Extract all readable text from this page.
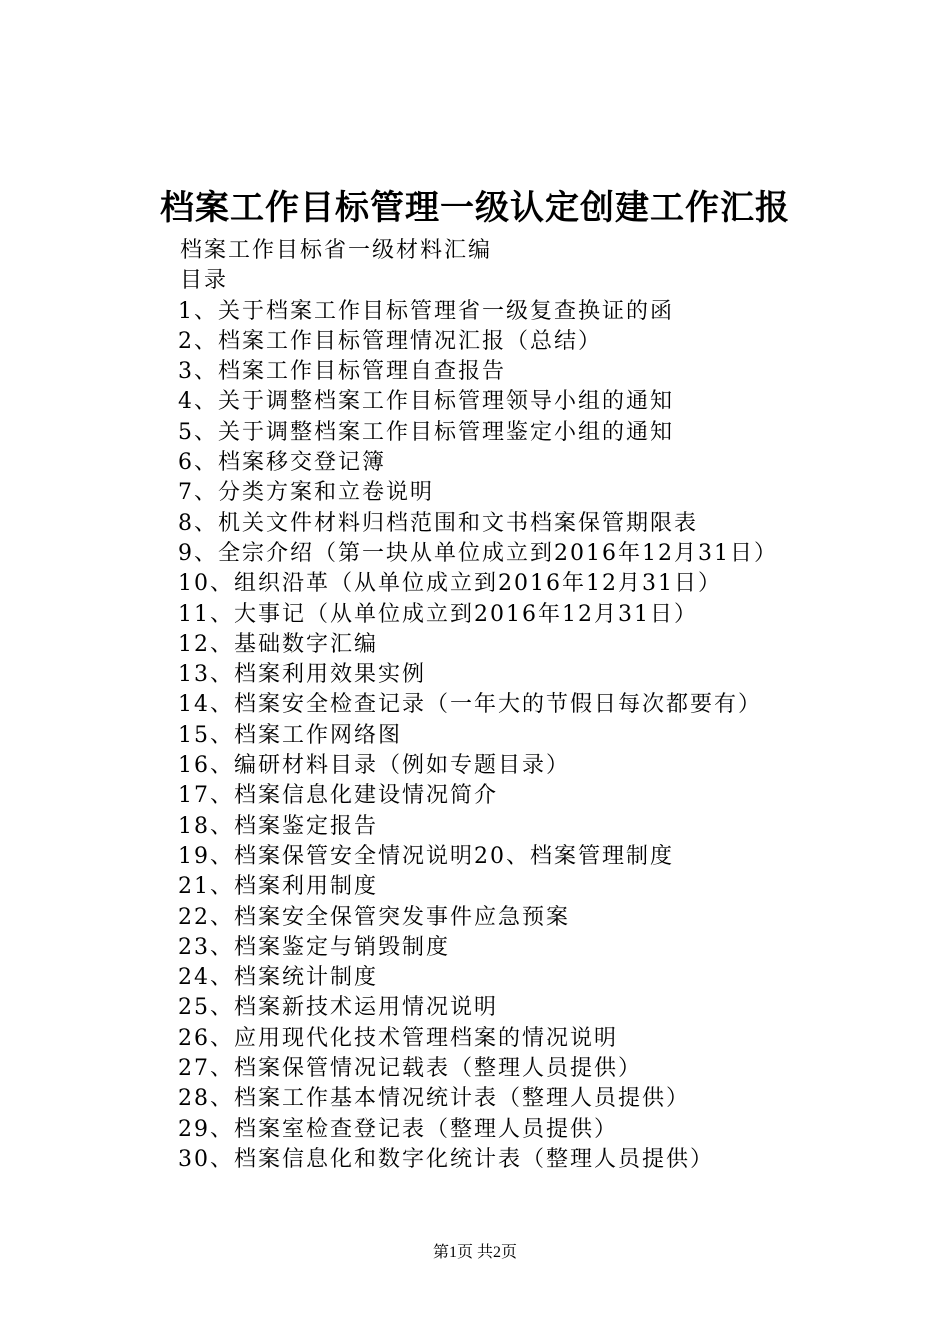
档案工作目标管理一级认定创建工作汇报
档案工作目标省一级材料汇编
目录
1、关于档案工作目标管理省一级复查换证的函
2、档案工作目标管理情况汇报（总结）
3、档案工作目标管理自查报告
4、关于调整档案工作目标管理领导小组的通知
5、关于调整档案工作目标管理鉴定小组的通知
6、档案移交登记簿
7、分类方案和立卷说明
8、机关文件材料归档范围和文书档案保管期限表
9、全宗介绍（第一块从单位成立到2016年12月31日）
10、组织沿革（从单位成立到2016年12月31日）
11、大事记（从单位成立到2016年12月31日）
12、基础数字汇编
13、档案利用效果实例
14、档案安全检查记录（一年大的节假日每次都要有）
15、档案工作网络图
16、编研材料目录（例如专题目录）
17、档案信息化建设情况简介
18、档案鉴定报告
19、档案保管安全情况说明20、档案管理制度
21、档案利用制度
22、档案安全保管突发事件应急预案
23、档案鉴定与销毁制度
24、档案统计制度
25、档案新技术运用情况说明
26、应用现代化技术管理档案的情况说明
27、档案保管情况记载表（整理人员提供）
28、档案工作基本情况统计表（整理人员提供）
29、档案室检查登记表（整理人员提供）
30、档案信息化和数字化统计表（整理人员提供）
第1页 共2页
